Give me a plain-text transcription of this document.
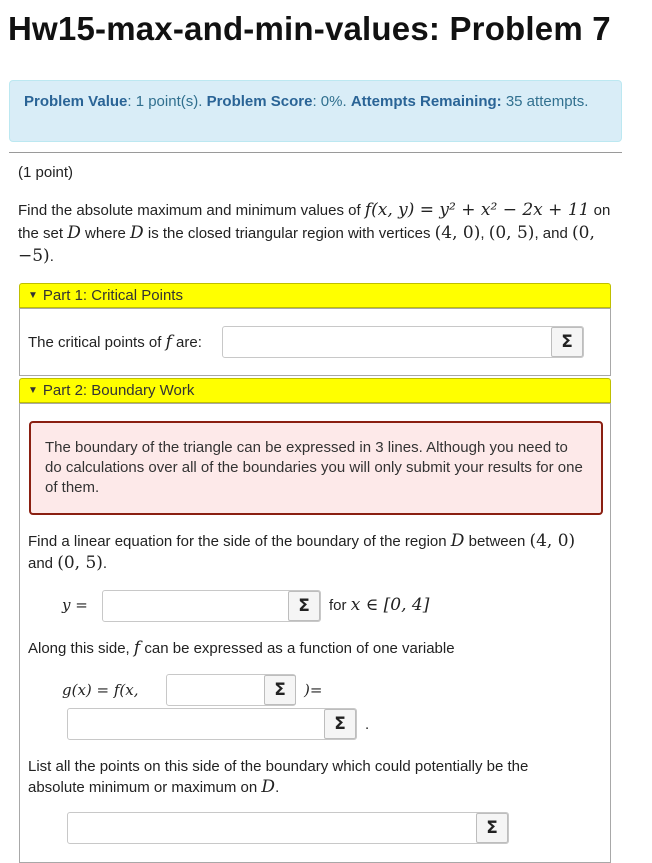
Hw15-max-and-min-values: Problem 7
Problem Value: 1 point(s). Problem Score: 0%. Attempts Remaining: 35 attempts.
(1 point)
Find the absolute maximum and minimum values of f(x, y) = y² + x² − 2x + 11 on the set D where D is the closed triangular region with vertices (4, 0), (0, 5), and (0, −5).
▼ Part 1: Critical Points
The critical points of f are:	Σ
▼ Part 2: Boundary Work
The boundary of the triangle can be expressed in 3 lines. Although you need to do calculations over all of the boundaries you will only submit your results for one of them.
Find a linear equation for the side of the boundary of the region D between (4, 0)
and (0, 5).
y =	Σ	for x ∈ [0, 4]
Along this side, f can be expressed as a function of one variable
g(x) = f(x,	Σ	)=
Σ	.
List all the points on this side of the boundary which could potentially be the absolute minimum or maximum on D.
Σ
